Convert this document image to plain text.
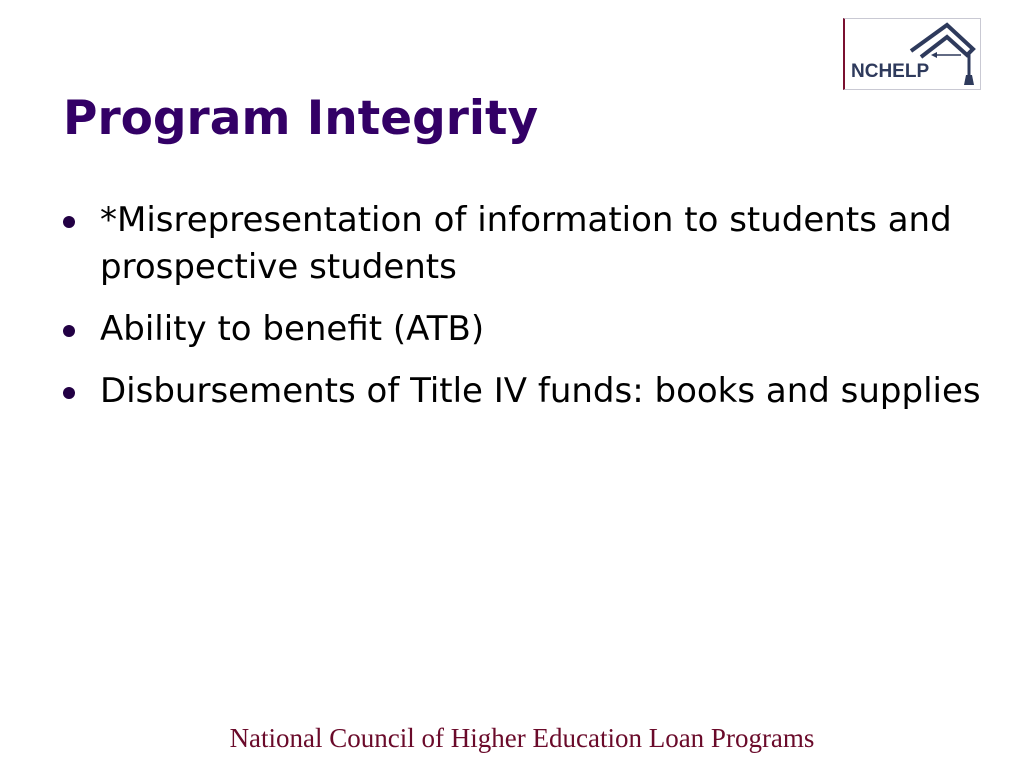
NCHELP
Program Integrity
*Misrepresentation of information to students and prospective students
Ability to benefit (ATB)
Disbursements of Title IV funds: books and supplies
National Council of Higher Education Loan Programs
